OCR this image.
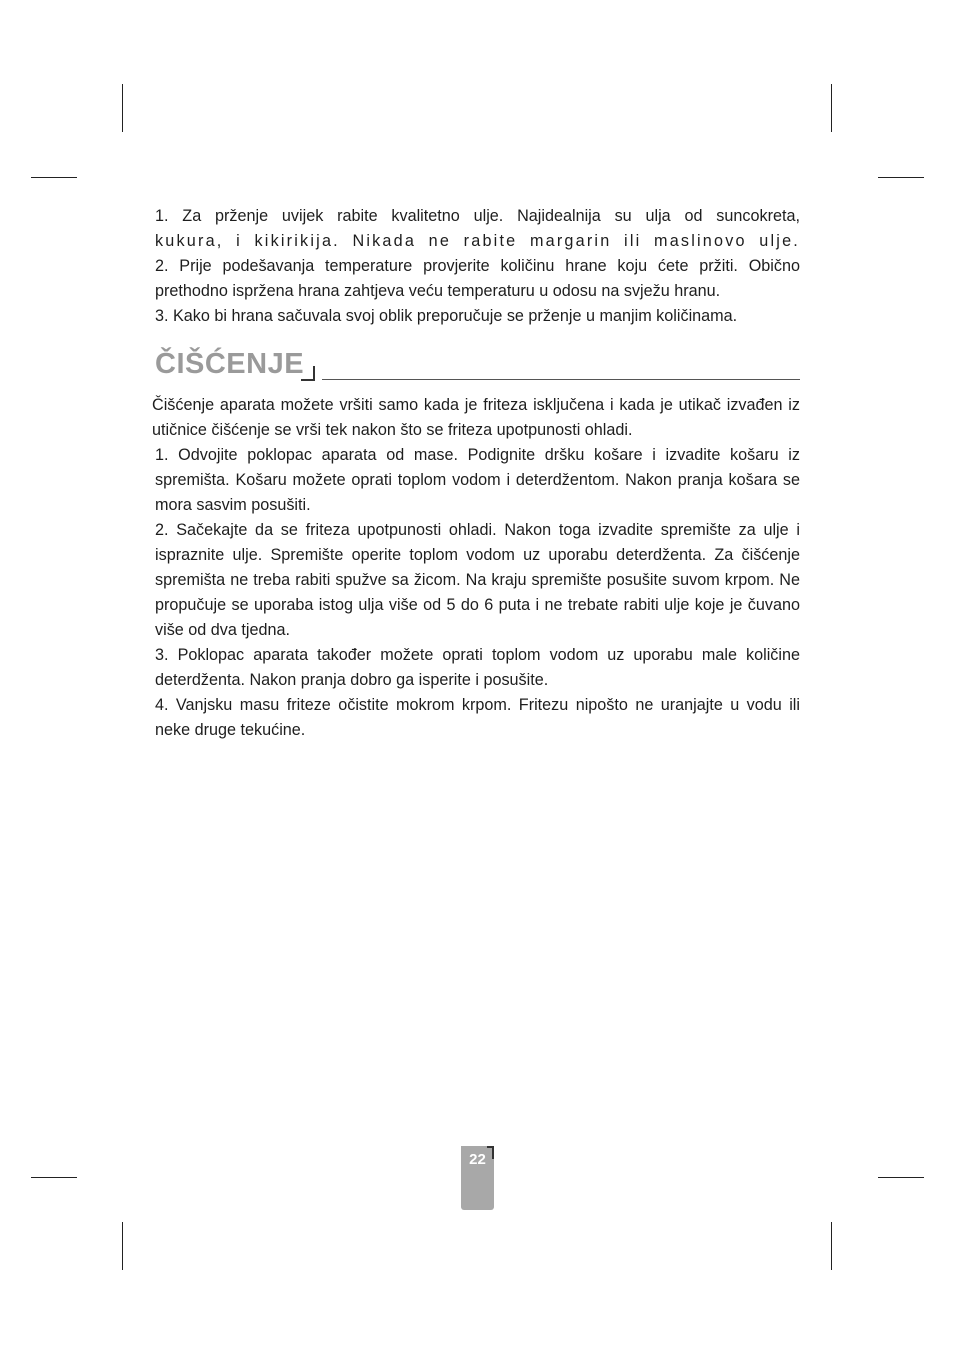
1. Za prženje uvijek rabite kvalitetno ulje. Najidealnija su ulja od suncokreta,

kukura, i kikirikija. Nikada ne rabite margarin ili maslinovo ulje.

2. Prije podešavanja temperature provjerite količinu hrane koju ćete pržiti. Obično prethodno ispržena hrana zahtjeva veću temperaturu u odosu na svježu hranu.

3. Kako bi hrana sačuvala svoj oblik preporučuje se prženje u manjim količinama.

ČIŠĆENJE

Čišćenje aparata možete vršiti samo kada je friteza isključena i kada je utikač izvađen iz utičnice čišćenje se vrši tek nakon što se friteza upotpunosti ohladi.

1. Odvojite poklopac aparata od mase. Podignite dršku košare i izvadite košaru iz spremišta. Košaru možete oprati toplom vodom i deterdžentom. Nakon pranja košara se mora sasvim posušiti.

2. Sačekajte da se friteza upotpunosti ohladi. Nakon toga izvadite spremište za ulje i ispraznite ulje. Spremište operite toplom vodom uz uporabu deterdženta. Za čišćenje spremišta ne treba rabiti spužve sa žicom. Na kraju spremište posušite suvom krpom. Ne propučuje se uporaba istog ulja više od 5 do 6 puta i ne trebate rabiti ulje koje je čuvano više od dva tjedna.

3. Poklopac aparata također možete oprati toplom vodom uz uporabu male količine deterdženta. Nakon pranja dobro ga isperite i posušite.

4. Vanjsku masu friteze očistite mokrom krpom. Fritezu nipošto ne uranjajte u vodu ili neke druge tekućine.

22
